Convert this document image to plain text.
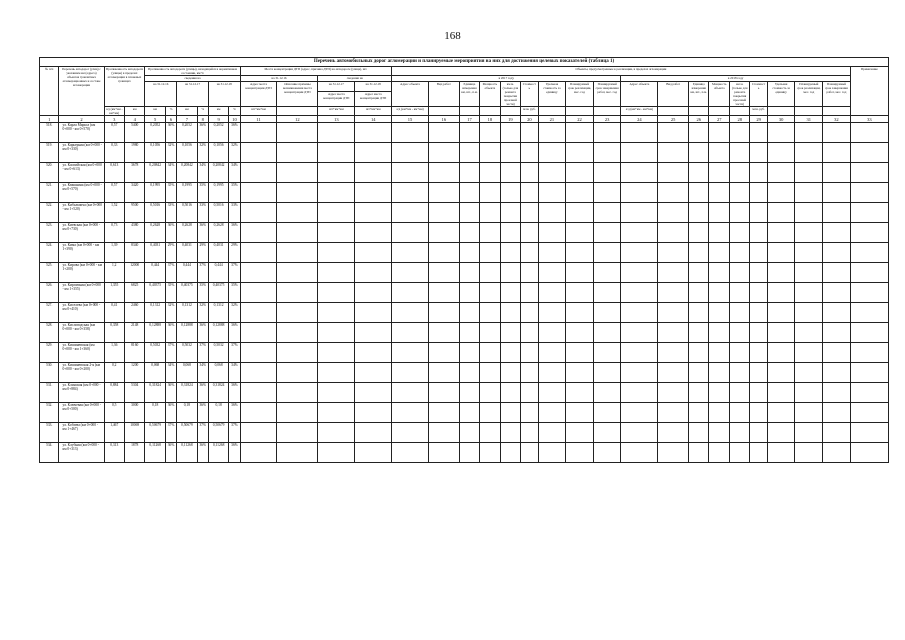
168
Перечень автомобильных дорог агломерации и планируемые мероприятия на них для достижения целевых показателей (таблица 1)																																
№ п/п	Перечень автодорог (улиц) с указанием км (адреса) объектов транзитных агломерационных и составе агломерации	Протяженность автодороги (улицы) в пределах агломерации в плановых границах		Протяженность автодороги (улицы), находящейся в нормативном состоянии, км/%						Места концентрации ДТП (адрес, причина ДТП) на автодороге (улице), шт.				Объекты, предусмотренные к реализации, в пределах агломерации																		Примечание
				сведения на						на 31.12.16		сведения на		в 2017 году									в 2018 году									
				на 31.12.16		на 31.12.17		на 31.12.18		Адрес места концентрации ДТП	Описание причины возникновения места концентрации ДТП	на 31.12.17	на 31.12.18	Адрес объекта	Вид работ	Единица измерения км, шт., п.м.	Мощность объекта	км м. (только для ремонта покрытия проезжей части)	Стоимость	Удельная стоимость за единицу	Планируемый срок реализации, мес. год	Планируемый срок завершения работ, мес. год	Адрес объекта	Вид работ	Единица измерения км, шт., п.м.	Мощность объекта	км м. (только для ремонта покрытия проезжей части)	Стоимость	Удельная стоимость за единицу	Планируемый срок реализации, мес. год	Планируемый срок завершения работ, мес. год	
												Адрес места концентрации ДТП	Адрес места концентрации ДТП																			
		а/д (км+км - км+км)	км	км	%	км	%	км	%	шт+км+км		шт+км+км	шт+км+км	а/д (км+км - км+км)					млн. руб.				а/д (км+км - км+км)					млн. руб.				
1	2	3	4	5	6	7	8	9	10	11	12	13	14	15	16	17	18	19	20	21	22	23	24	25	26	27	28	29	30	31	32	33
518.	ул. Карла Маркса (км 0+000 - км 0+570)	0,57	5400	0,2052	36%	0,2052	36%	0,2052	36%																							
519.	ул. Карьерная (км 0+000 - км 0+330)	0,33	1980	0,1056	32%	0,1056	32%	0,1056	32%																							
520.	ул. Каспийская (км 0+000 - км 0+613)	0,613	3678	0,20842	34%	0,20842	34%	0,20842	34%																							
521.	ул. Квашнина (км 0+000 - км 0+570)	0,57	3420	0,1995	35%	0,1995	35%	0,1995	35%																							
522.	ул. Кибальчича (км 0+000 - км 1+520)	1,52	9500	0,5016	33%	0,5016	33%	0,5016	33%																							
523.	ул. Киевская (км 0+000 - км 0+730)	0,73	4380	0,2628	36%	0,2628	36%	0,2628	36%																							
524.	ул. Кима (км 0+000 - км 1+390)	1,39	8340	0,4031	29%	0,4031	29%	0,4031	29%																							
525.	ул. Кирова (км 0+000 - км 1+200)	1,2	12000	0,444	37%	0,444	37%	0,444	37%																							
526.	ул. Кирпичная (км 0+000 - км 1+355)	1,355	6825	0,40375	35%	0,40375	35%	0,40375	35%																							
527.	ул. Киселева (км 0+000 - км 0+410)	0,41	2460	0,1312	32%	0,1312	32%	0,1312	32%																							
528.	ул. Кисловодская (км 0+000 - км 0+358)	0,358	2148	0,12888	36%	0,12888	36%	0,12888	36%																							
529.	ул. Кишиневская (км 0+000 - км 1+360)	1,36	8160	0,5032	37%	0,5032	37%	0,5032	37%																							
530.	ул. Кишиневская 2-я (км 0+000 - км 0+200)	0,2	1200	0,068	34%	0,068	34%	0,068	34%																							
531.	ул. Клинская (км 0+000 - км 0+884)	0,884	5304	0,31824	36%	0,31824	36%	0,31824	36%																							
532.	ул. Ключевая (км 0+000 - км 0+500)	0,5	3000	0,18	36%	0,18	36%	0,18	36%																							
533.	ул. Кобзева (км 0+000 - км 1+467)	1,467	10069	0,50679	37%	0,50679	37%	0,50679	37%																							
534.	ул. Клубная (км 0+000 - км 0+313)	0,313	1878	0,11268	36%	0,11268	36%	0,11268	36%																							
